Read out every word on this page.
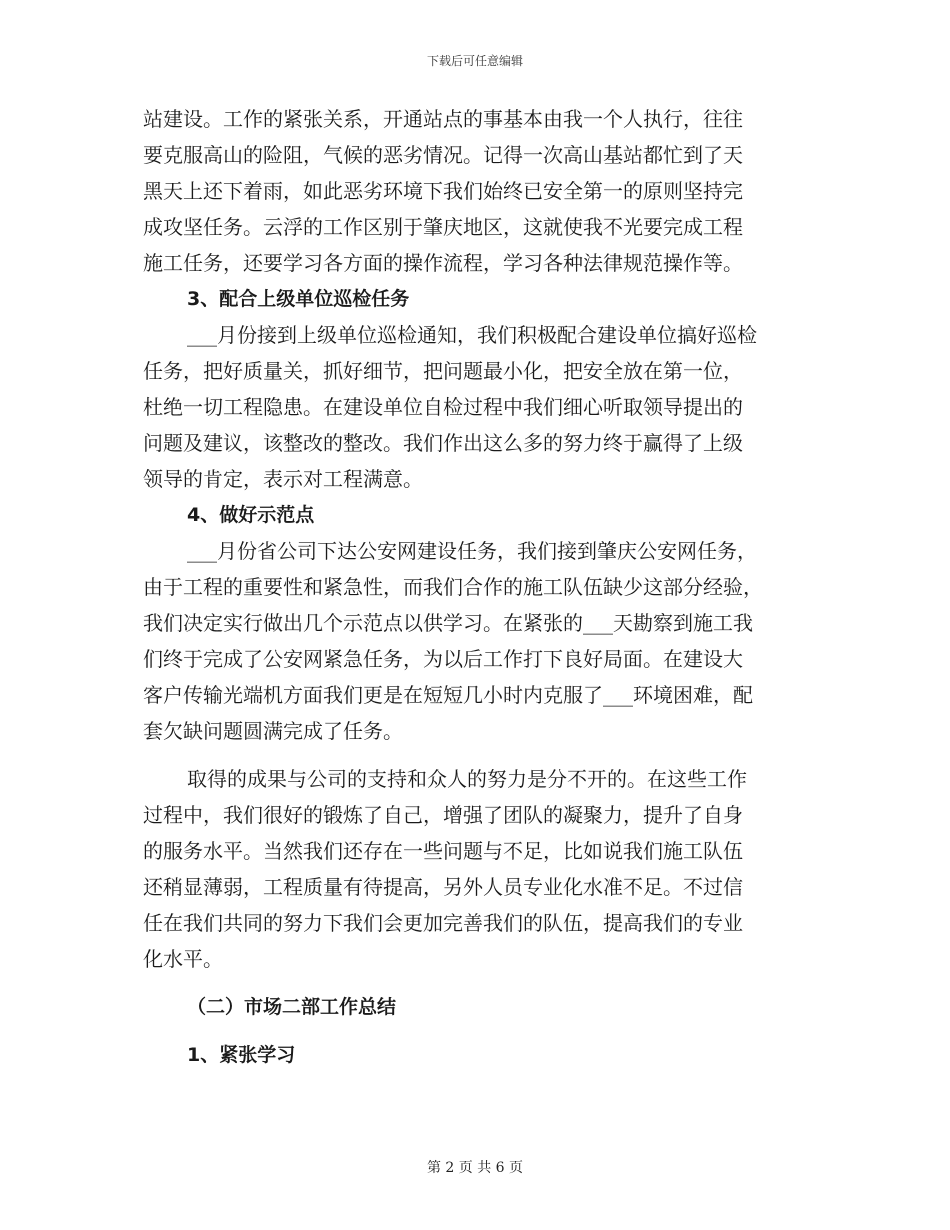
下载后可任意编辑
站建设。工作的紧张关系，开通站点的事基本由我一个人执行，往往
要克服高山的险阻，气候的恶劣情况。记得一次高山基站都忙到了天
黑天上还下着雨，如此恶劣环境下我们始终已安全第一的原则坚持完
成攻坚任务。云浮的工作区别于肇庆地区，这就使我不光要完成工程
施工任务，还要学习各方面的操作流程，学习各种法律规范操作等。
3、配合上级单位巡检任务
___月份接到上级单位巡检通知，我们积极配合建设单位搞好巡检
任务，把好质量关，抓好细节，把问题最小化，把安全放在第一位，
杜绝一切工程隐患。在建设单位自检过程中我们细心听取领导提出的
问题及建议，该整改的整改。我们作出这么多的努力终于赢得了上级
领导的肯定，表示对工程满意。
4、做好示范点
___月份省公司下达公安网建设任务，我们接到肇庆公安网任务，
由于工程的重要性和紧急性，而我们合作的施工队伍缺少这部分经验，
我们决定实行做出几个示范点以供学习。在紧张的___天勘察到施工我
们终于完成了公安网紧急任务，为以后工作打下良好局面。在建设大
客户传输光端机方面我们更是在短短几小时内克服了___环境困难，配
套欠缺问题圆满完成了任务。
取得的成果与公司的支持和众人的努力是分不开的。在这些工作
过程中，我们很好的锻炼了自己，增强了团队的凝聚力，提升了自身
的服务水平。当然我们还存在一些问题与不足，比如说我们施工队伍
还稍显薄弱，工程质量有待提高，另外人员专业化水准不足。不过信
任在我们共同的努力下我们会更加完善我们的队伍，提高我们的专业
化水平。
（二）市场二部工作总结
1、紧张学习
第 2 页 共 6 页
